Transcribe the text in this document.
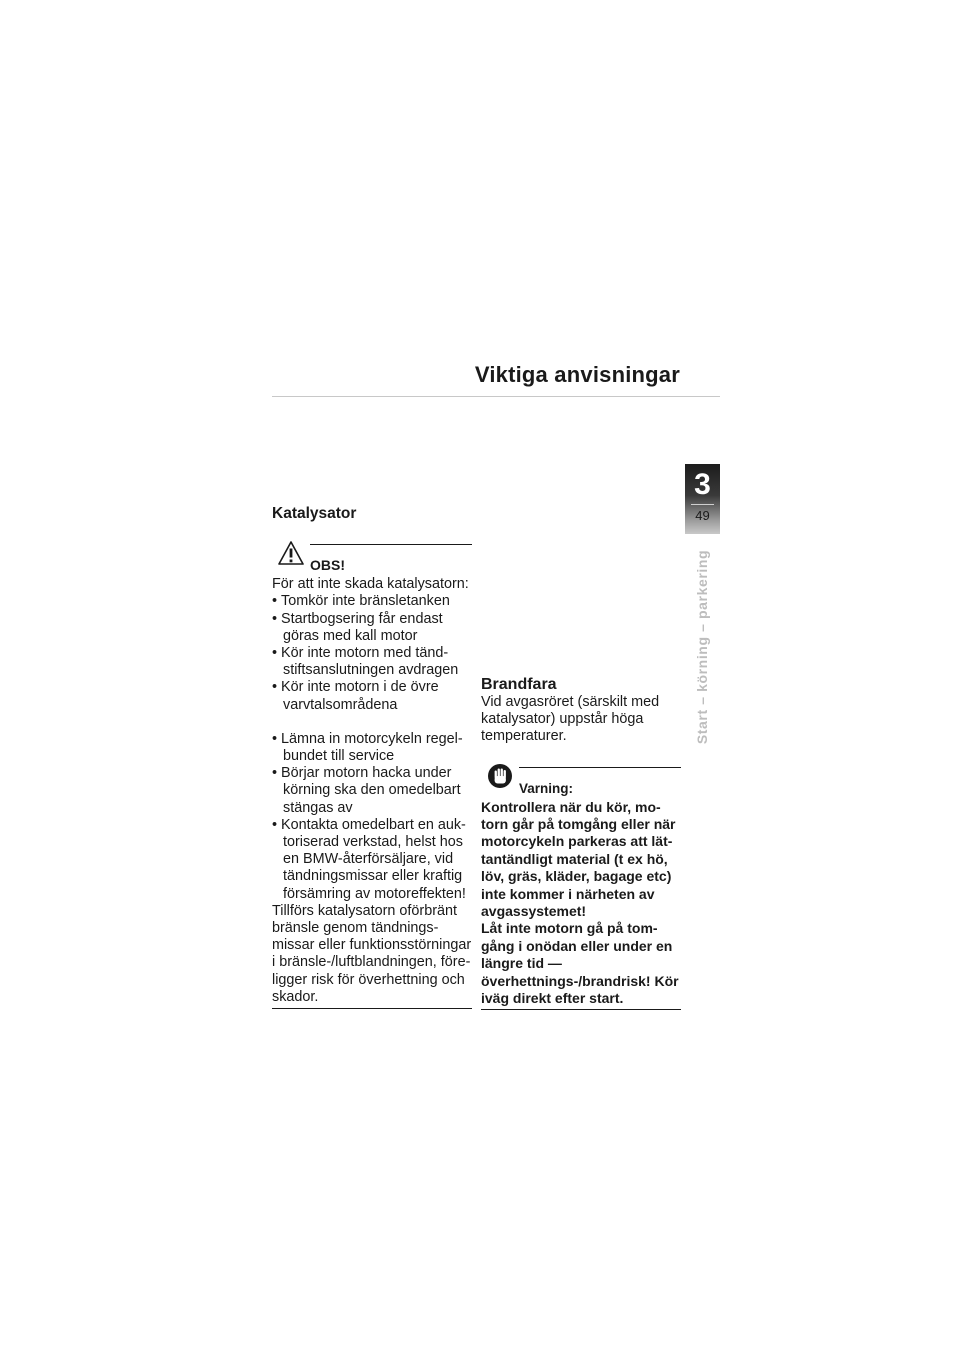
Viktiga anvisningar
3
49
Start – körning – parkering
Katalysator
OBS!
För att inte skada katalysatorn:
• Tomkör inte bränsletanken
• Startbogsering får endast göras med kall motor
• Kör inte motorn med tänd-stiftsanslutningen avdragen
• Kör inte motorn i de övre varvtalsområdena
• Lämna in motorcykeln regel-bundet till service
• Börjar motorn hacka under körning ska den omedelbart stängas av
• Kontakta omedelbart en auk-toriserad verkstad, helst hos en BMW-återförsäljare, vid tändningsmissar eller kraftig försämring av motoreffekten!
Tillförs katalysatorn oförbränt bränsle genom tändnings-missar eller funktionsstörningar i bränsle-/luftblandningen, före-ligger risk för överhettning och skador.
Brandfara
Vid avgasröret (särskilt med katalysator) uppstår höga temperaturer.
Varning:
Kontrollera när du kör, mo-torn går på tomgång eller när motorcykeln parkeras att lät-tantändligt material (t ex hö, löv, gräs, kläder, bagage etc) inte kommer i närheten av avgassystemet!
Låt inte motorn gå på tom-gång i onödan eller under en längre tid —överhettnings-/brandrisk! Kör iväg direkt efter start.
